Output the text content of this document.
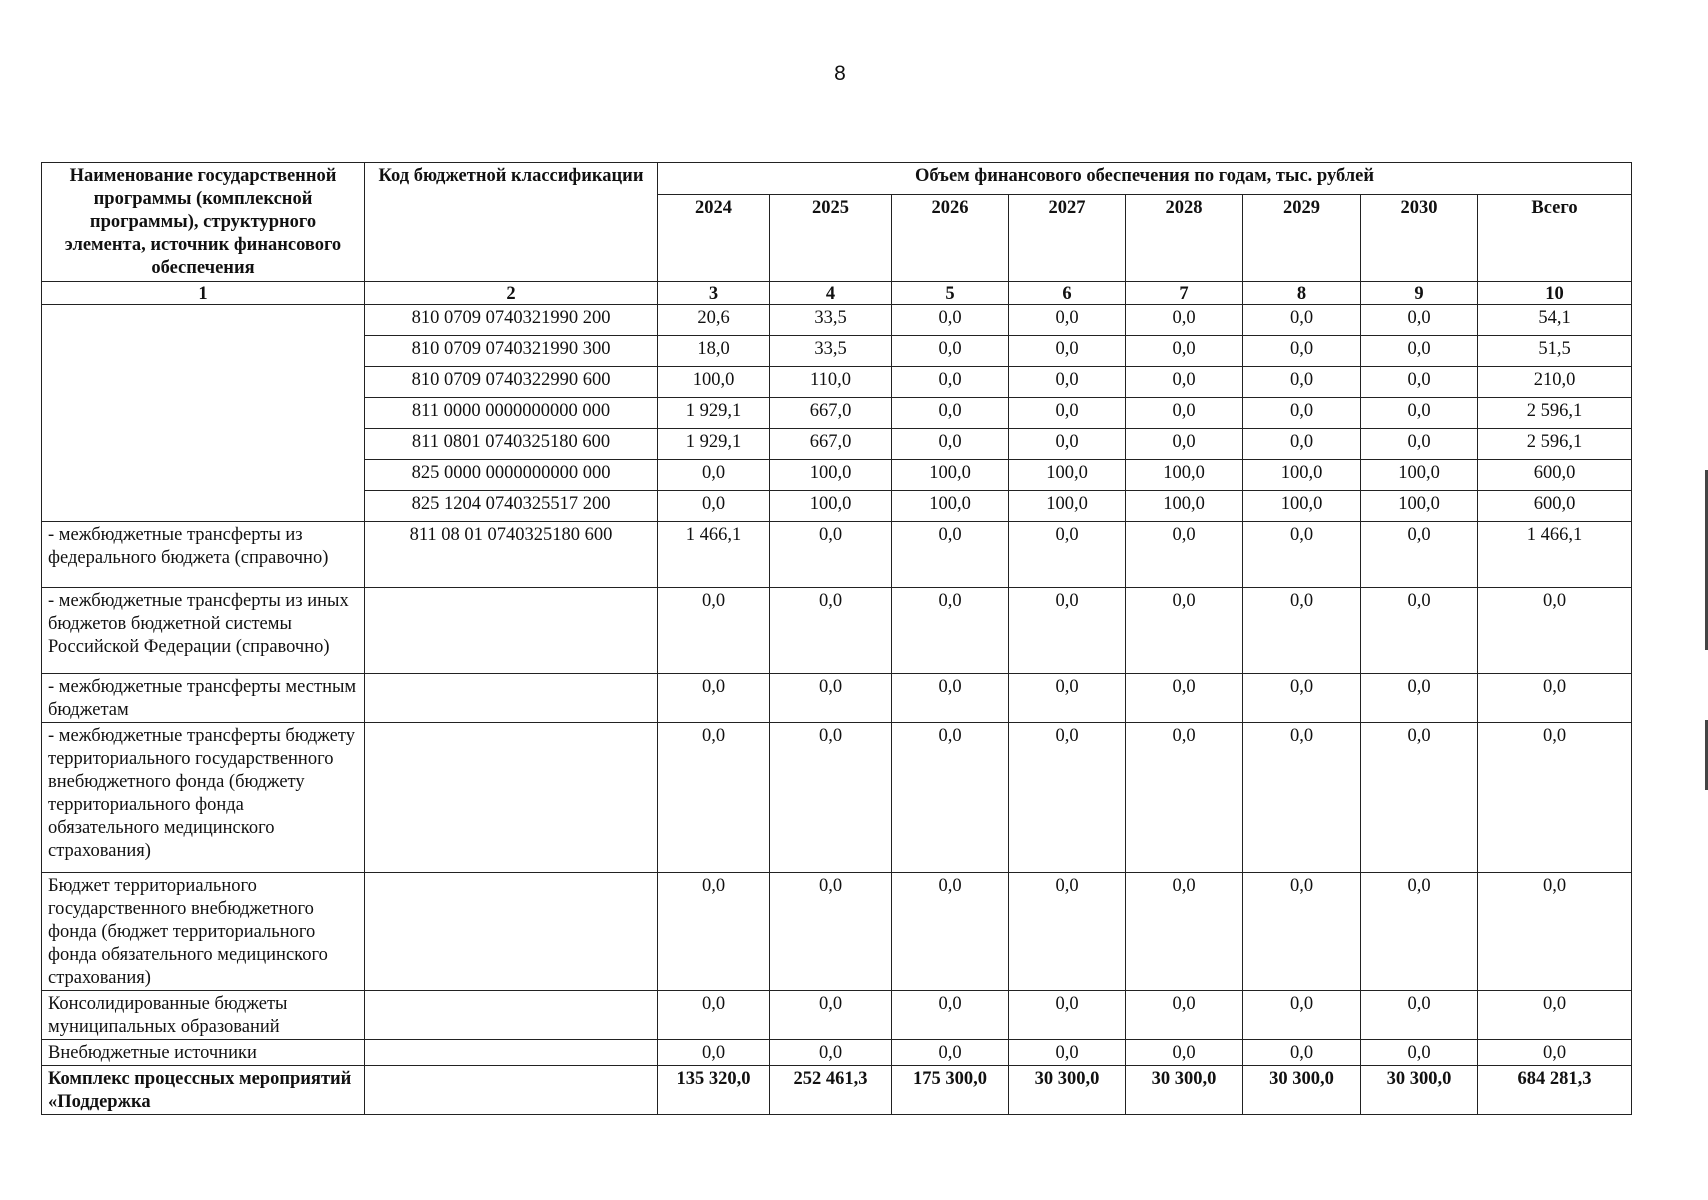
8
Наименование государственной программы (комплексной программы), структурного элемента, источник финансового обеспечения	Код бюджетной классификации	Объем финансового обеспечения по годам, тыс. рублей							
		2024	2025	2026	2027	2028	2029	2030	Всего
1	2	3	4	5	6	7	8	9	10
	810 0709 0740321990 200	20,6	33,5	0,0	0,0	0,0	0,0	0,0	54,1
	810 0709 0740321990 300	18,0	33,5	0,0	0,0	0,0	0,0	0,0	51,5
	810 0709 0740322990 600	100,0	110,0	0,0	0,0	0,0	0,0	0,0	210,0
	811 0000 0000000000 000	1 929,1	667,0	0,0	0,0	0,0	0,0	0,0	2 596,1
	811 0801 0740325180 600	1 929,1	667,0	0,0	0,0	0,0	0,0	0,0	2 596,1
	825 0000 0000000000 000	0,0	100,0	100,0	100,0	100,0	100,0	100,0	600,0
	825 1204 0740325517 200	0,0	100,0	100,0	100,0	100,0	100,0	100,0	600,0
- межбюджетные трансферты из федерального бюджета (справочно)	811 08 01 0740325180 600	1 466,1	0,0	0,0	0,0	0,0	0,0	0,0	1 466,1
- межбюджетные трансферты из иных бюджетов бюджетной системы Российской Федерации (справочно)		0,0	0,0	0,0	0,0	0,0	0,0	0,0	0,0
- межбюджетные трансферты местным бюджетам		0,0	0,0	0,0	0,0	0,0	0,0	0,0	0,0
- межбюджетные трансферты бюджету территориального государственного внебюджетного фонда (бюджету территориального фонда обязательного медицинского страхования)		0,0	0,0	0,0	0,0	0,0	0,0	0,0	0,0
Бюджет территориального государственного внебюджетного фонда (бюджет территориального фонда обязательного медицинского страхования)		0,0	0,0	0,0	0,0	0,0	0,0	0,0	0,0
Консолидированные бюджеты муниципальных образований		0,0	0,0	0,0	0,0	0,0	0,0	0,0	0,0
Внебюджетные источники		0,0	0,0	0,0	0,0	0,0	0,0	0,0	0,0
Комплекс процессных мероприятий «Поддержка		135 320,0	252 461,3	175 300,0	30 300,0	30 300,0	30 300,0	30 300,0	684 281,3
